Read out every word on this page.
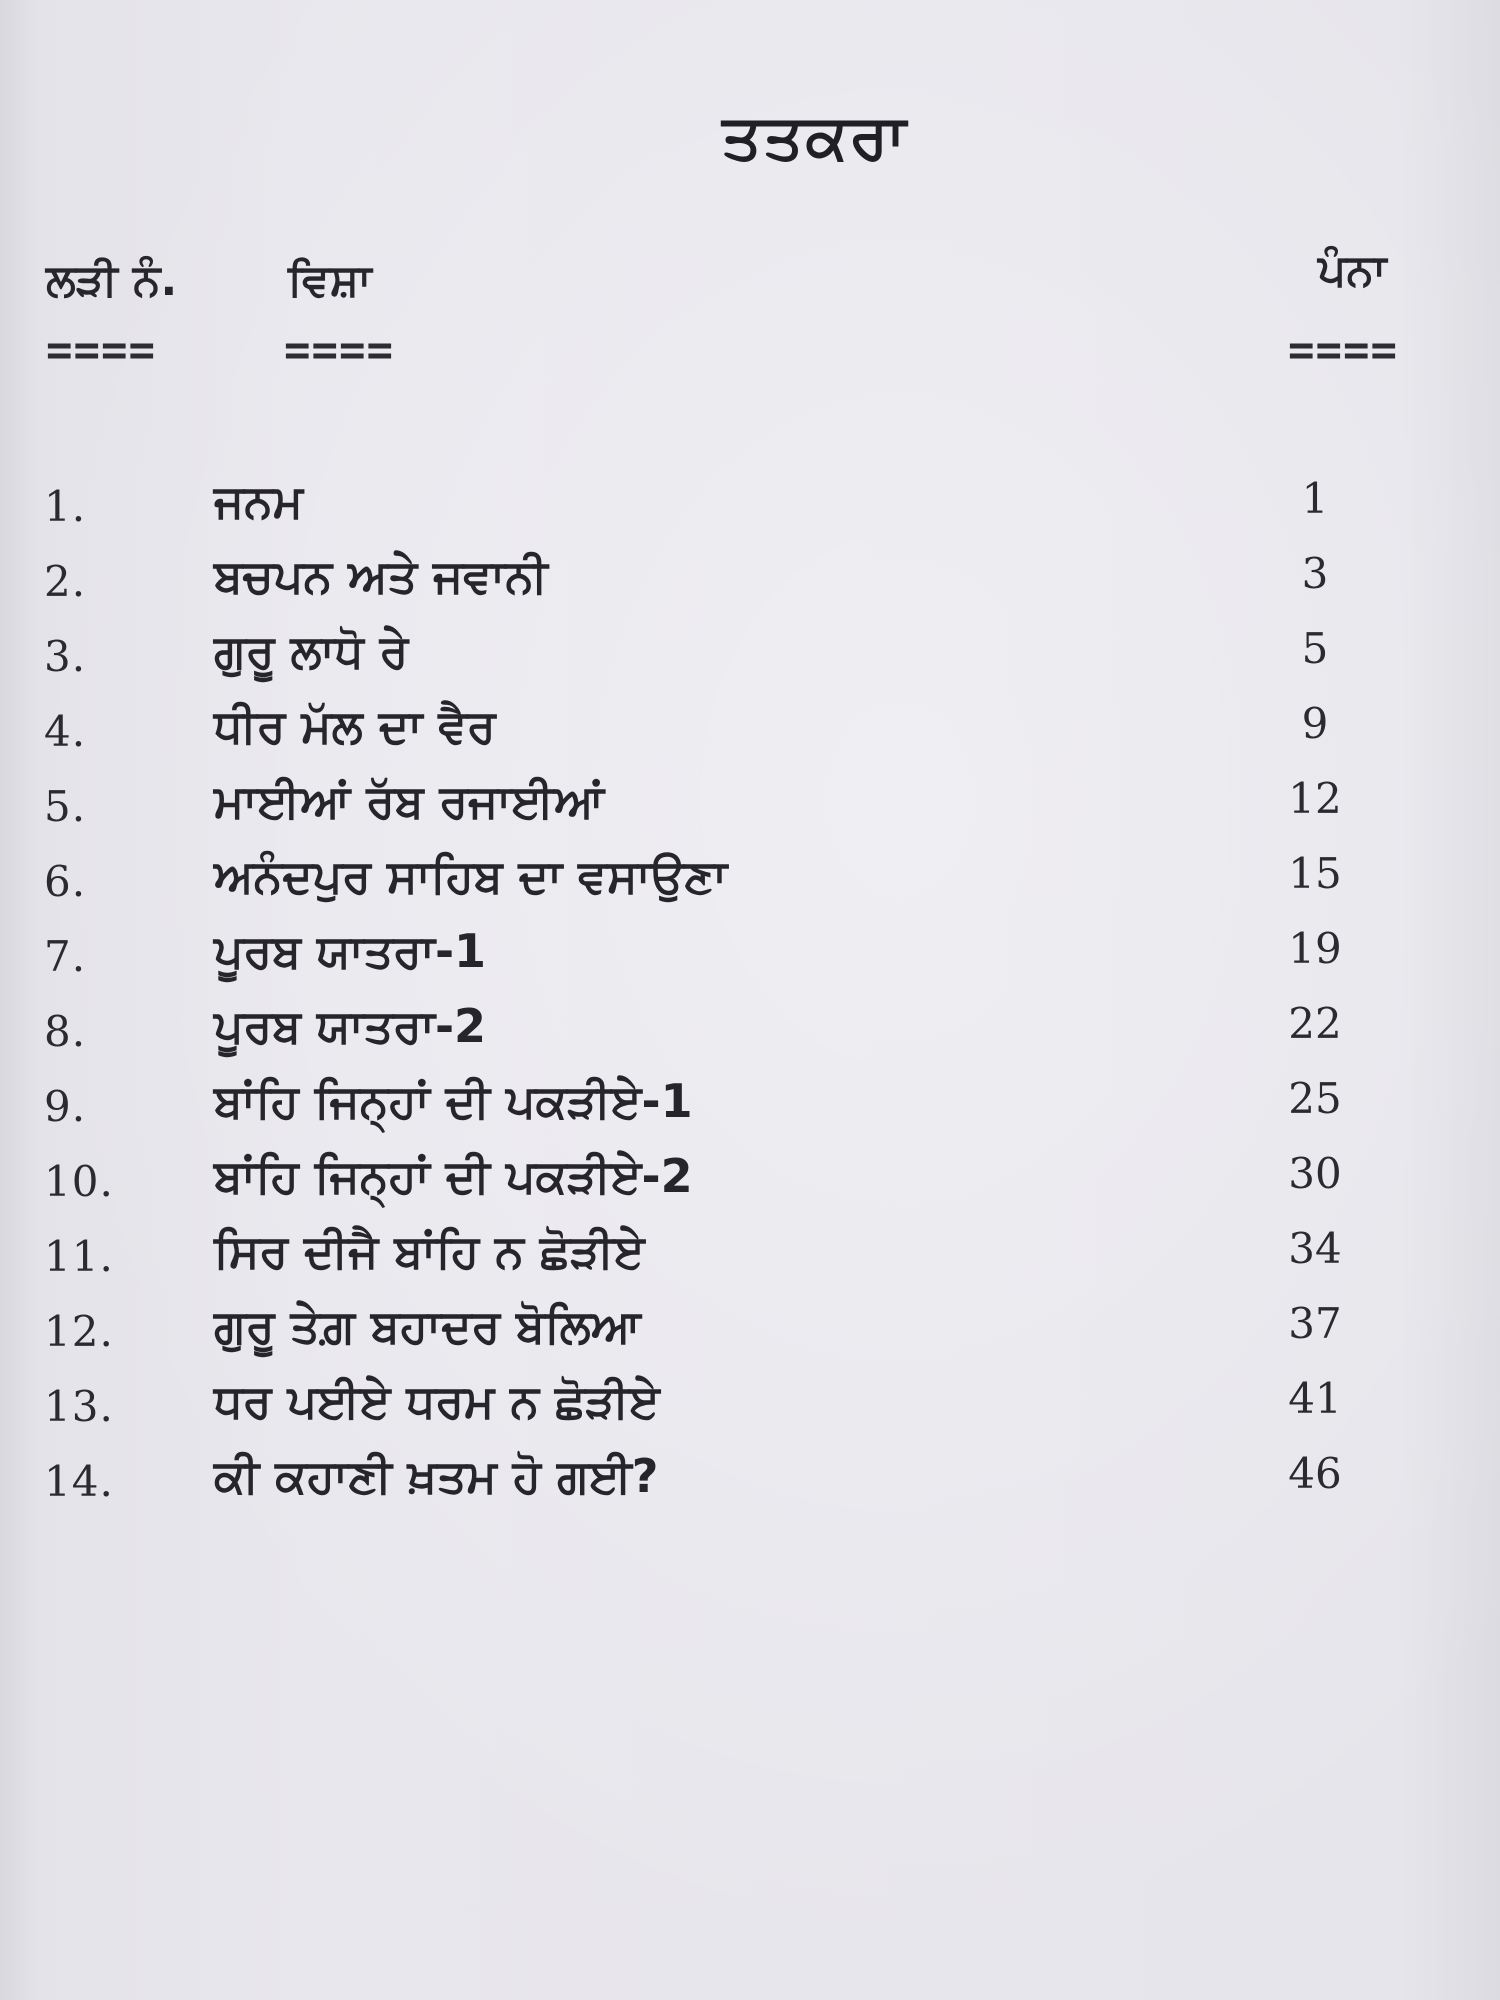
ਤਤਕਰਾ
ਲੜੀ ਨੰ.	ਵਿਸ਼ਾ	ਪੰਨਾ
====	====	====
1.	ਜਨਮ	1
2.	ਬਚਪਨ ਅਤੇ ਜਵਾਨੀ	3
3.	ਗੁਰੂ ਲਾਧੋ ਰੇ	5
4.	ਧੀਰ ਮੱਲ ਦਾ ਵੈਰ	9
5.	ਮਾਈਆਂ ਰੱਬ ਰਜਾਈਆਂ	12
6.	ਅਨੰਦਪੁਰ ਸਾਹਿਬ ਦਾ ਵਸਾਉਣਾ	15
7.	ਪੂਰਬ ਯਾਤਰਾ-1	19
8.	ਪੂਰਬ ਯਾਤਰਾ-2	22
9.	ਬਾਂਹਿ ਜਿਨ੍ਹਾਂ ਦੀ ਪਕੜੀਏ-1	25
10. ਬਾਂਹਿ ਜਿਨ੍ਹਾਂ ਦੀ ਪਕੜੀਏ-2	30
11. ਸਿਰ ਦੀਜੈ ਬਾਂਹਿ ਨ ਛੋੜੀਏ	34
12. ਗੁਰੂ ਤੇਗ਼ ਬਹਾਦਰ ਬੋਲਿਆ	37
13. ਧਰ ਪਈਏ ਧਰਮ ਨ ਛੋੜੀਏ	41
14. ਕੀ ਕਹਾਣੀ ਖ਼ਤਮ ਹੋ ਗਈ?	46
